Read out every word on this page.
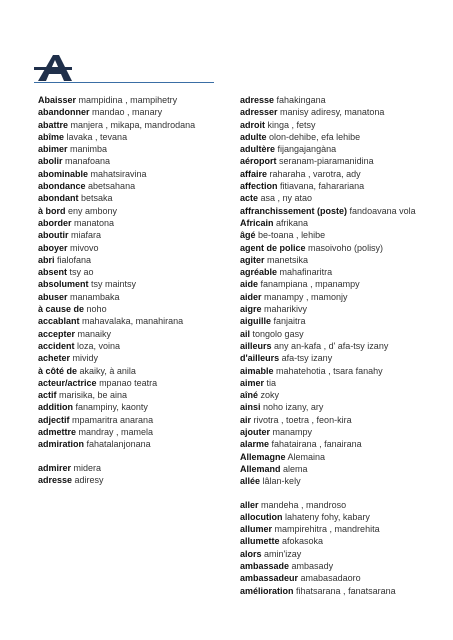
Abaisser mampidina , mampihetry
abandonner mandao , manary
abattre manjera , mikapa, mandrodana
abîme lavaka , tevana
abimer manimba
abolir manafoana
abominable mahatsiravina
abondance abetsahana
abondant betsaka
à bord eny ambony
aborder manatona
aboutir miafara
aboyer mivovo
abri fialofana
absent tsy ao
absolument tsy maintsy
abuser manambaka
à cause de noho
accablant mahavalaka, manahirana
accepter manaiky
accident loza, voina
acheter mividy
à côté de akaiky, à anila
acteur/actrice mpanao teatra
actif marisika, be aina
addition fanampiny, kaonty
adjectif mpamaritra anarana
admettre mandray , mamela
admiration fahatalanjonana
admirer midera
adresse adiresy
adresse fahakingana
adresser manisy adiresy, manatona
adroit kinga , fetsy
adulte olon-dehibe, efa lehibe
adultère fijangajangàna
aéroport seranam-piaramanidina
affaire raharaha , varotra, ady
affection fitiavana, faharariana
acte asa , ny atao
affranchissement (poste) fandoavana vola
Africain afrikana
âgé be-toana , lehibe
agent de police masoivoho (polisy)
agiter manetsika
agréable mahafinaritra
aide fanampiana , mpanampy
aider manampy , mamonjy
aigre maharikivy
aiguille fanjaitra
ail tongolo gasy
ailleurs any an-kafa , d' afa-tsy izany
d'ailleurs afa-tsy izany
aimable mahatehotia , tsara fanahy
aimer tia
aîné zoky
ainsi noho izany, ary
air rivotra , toetra , feon-kira
ajouter manampy
alarme fahatairana , fanairana
Allemagne Alemaina
Allemand alema
allée lâlan-kely
aller mandeha , mandroso
allocution lahateny fohy, kabary
allumer mampirehitra , mandrehita
allumette afokasoka
alors amin'izay
ambassade ambasady
ambassadeur amabasadaoro
amélioration fihatsarana , fanatsarana
